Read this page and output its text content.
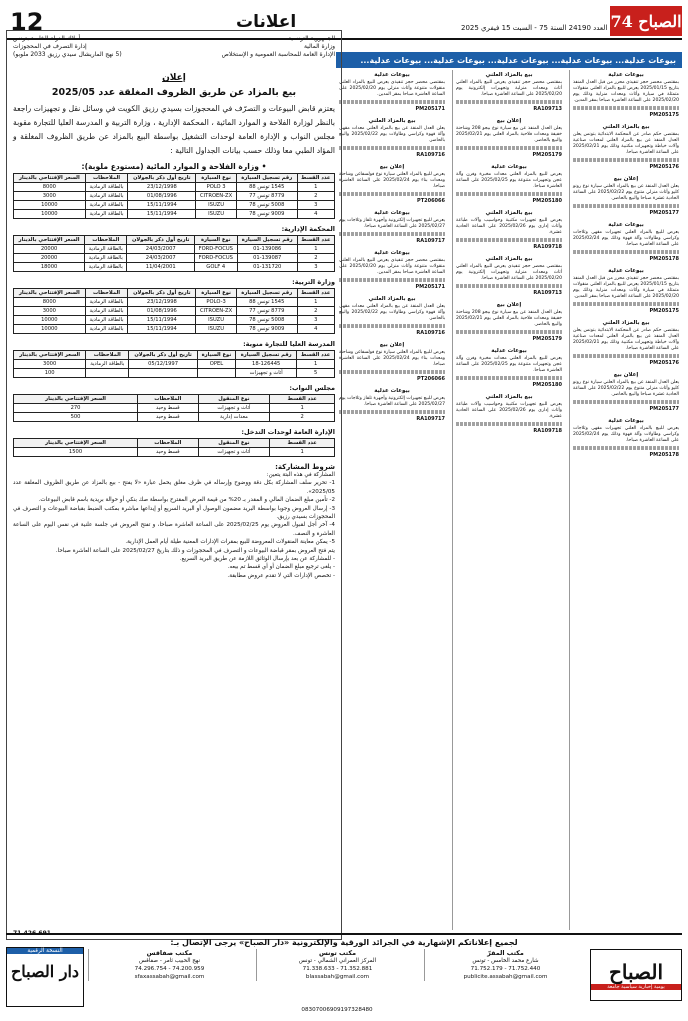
12	اعلانات	العدد 24190 السنة 75 - السبت 15 فيفري 2025 الصباح 74
بيوعات عدلية... بيوعات عدلية... بيوعات عدلية... بيوعات عدلية... بيوعات عدلية...
بيوعات عدلية
بمقتضى محضر حجز تنفيذي محرر من قبل العدل المنفذ بتاريخ 2025/01/15 يعرض للبيع بالمزاد العلني منقولات متمثلة في سيارة وأثاث ومعدات منزلية وذلك يوم 2025/02/20 على الساعة العاشرة صباحا بمقر المدين.
PM205175
بيع بالمزاد العلني
بمقتضى حكم صادر عن المحكمة الابتدائية بتونس يعلن العدل المنفذ عن بيع بالمزاد العلني لمعدات صناعية وآلات خياطة وتجهيزات مكتبية وذلك يوم 2025/02/21 على الساعة العاشرة صباحا.
PM205176
إعلان بيع
يعلن العدل المنفذ عن بيع بالمزاد العلني سيارة نوع رونو كليو وأثاث منزلي متنوع يوم 2025/02/22 على الساعة الحادية عشرة صباحا والبيع بالحاضر.
PM205177
بيوعات عدلية
يعرض للبيع بالمزاد العلني تجهيزات مقهى وثلاجات وكراسي وطاولات وآلة قهوة وذلك يوم 2025/02/24 على الساعة العاشرة صباحا.
PM205178
بيوعات عدلية
بمقتضى محضر حجز تنفيذي محرر من قبل العدل المنفذ بتاريخ 2025/01/15 يعرض للبيع بالمزاد العلني منقولات متمثلة في سيارة وأثاث ومعدات منزلية وذلك يوم 2025/02/20 على الساعة العاشرة صباحا بمقر المدين.
PM205175
بيع بالمزاد العلني
بمقتضى حكم صادر عن المحكمة الابتدائية بتونس يعلن العدل المنفذ عن بيع بالمزاد العلني لمعدات صناعية وآلات خياطة وتجهيزات مكتبية وذلك يوم 2025/02/21 على الساعة العاشرة صباحا.
PM205176
إعلان بيع
يعلن العدل المنفذ عن بيع بالمزاد العلني سيارة نوع رونو كليو وأثاث منزلي متنوع يوم 2025/02/22 على الساعة الحادية عشرة صباحا والبيع بالحاضر.
PM205177
بيوعات عدلية
يعرض للبيع بالمزاد العلني تجهيزات مقهى وثلاجات وكراسي وطاولات وآلة قهوة وذلك يوم 2025/02/24 على الساعة العاشرة صباحا.
PM205178
بيع بالمزاد العلني
بمقتضى محضر حجز تنفيذي يعرض للبيع بالمزاد العلني أثاث ومعدات منزلية وتجهيزات إلكترونية يوم 2025/02/20 على الساعة العاشرة صباحا.
RA109713
إعلان بيع
يعلن العدل المنفذ عن بيع سيارة نوع بيجو 208 وشاحنة خفيفة ومعدات فلاحية بالمزاد العلني يوم 2025/02/21 والبيع بالحاضر.
PM205179
بيوعات عدلية
يعرض للبيع بالمزاد العلني معدات مخبزة وفرن وآلة عجن وتجهيزات متنوعة يوم 2025/02/25 على الساعة العاشرة صباحا.
PM205180
بيع بالمزاد العلني
يعرض للبيع تجهيزات مكتبية وحواسيب وآلات طباعة وأثاث إداري يوم 2025/02/26 على الساعة الحادية عشرة.
RA109718
بيع بالمزاد العلني
بمقتضى محضر حجز تنفيذي يعرض للبيع بالمزاد العلني أثاث ومعدات منزلية وتجهيزات إلكترونية يوم 2025/02/20 على الساعة العاشرة صباحا.
RA109713
إعلان بيع
يعلن العدل المنفذ عن بيع سيارة نوع بيجو 208 وشاحنة خفيفة ومعدات فلاحية بالمزاد العلني يوم 2025/02/21 والبيع بالحاضر.
PM205179
بيوعات عدلية
يعرض للبيع بالمزاد العلني معدات مخبزة وفرن وآلة عجن وتجهيزات متنوعة يوم 2025/02/25 على الساعة العاشرة صباحا.
PM205180
بيع بالمزاد العلني
يعرض للبيع تجهيزات مكتبية وحواسيب وآلات طباعة وأثاث إداري يوم 2025/02/26 على الساعة الحادية عشرة.
RA109718
بيوعات عدلية
بمقتضى محضر حجز تنفيذي يعرض للبيع بالمزاد العلني منقولات متنوعة وأثاث منزلي يوم 2025/02/20 على الساعة العاشرة صباحا بمقر المدين.
PM205171
بيع بالمزاد العلني
يعلن العدل المنفذ عن بيع بالمزاد العلني معدات مقهى وآلة قهوة وكراسي وطاولات يوم 2025/02/22 والبيع بالحاضر.
RA109716
إعلان بيع
يعرض للبيع بالمزاد العلني سيارة نوع فولسفاغن وشاحنة ومعدات بناء يوم 2025/02/24 على الساعة العاشرة صباحا.
PT206066
بيوعات عدلية
يعرض للبيع تجهيزات إلكترونية وأجهزة تلفاز وثلاجات يوم 2025/02/27 على الساعة العاشرة صباحا.
RA109717
بيوعات عدلية
بمقتضى محضر حجز تنفيذي يعرض للبيع بالمزاد العلني منقولات متنوعة وأثاث منزلي يوم 2025/02/20 على الساعة العاشرة صباحا بمقر المدين.
PM205171
بيع بالمزاد العلني
يعلن العدل المنفذ عن بيع بالمزاد العلني معدات مقهى وآلة قهوة وكراسي وطاولات يوم 2025/02/22 والبيع بالحاضر.
RA109716
إعلان بيع
يعرض للبيع بالمزاد العلني سيارة نوع فولسفاغن وشاحنة ومعدات بناء يوم 2025/02/24 على الساعة العاشرة صباحا.
PT206066
بيوعات عدلية
يعرض للبيع تجهيزات إلكترونية وأجهزة تلفاز وثلاجات يوم 2025/02/27 على الساعة العاشرة صباحا.
RA109717
الجمهورية التونسية
وزارة المالية
الإدارة العامة للمحاسبة العمومية و الإستخلاص
أملاك الدولة الخاصة بتونس
إدارة التصرف في المحجوزات
(5 نهج الماريشال سيدي رزيق 2033 ملوبو)
إعلان
بيع بالمزاد عن طريق الظروف المغلقة عدد 2025/05
يعتزم قابض البيوعات و التصرّف في المحجوزات بسيدي رزيق الكويت في وسائل نقل و تجهيزات راجعة بالنظر لوزارة الفلاحة و الموارد المائية ، المحكمة الإدارية ، وزارة التربية و المدرسة العليا للتجارة مقوبة مجلس النواب و الإدارة العامة لوحدات التشغيل بواسطة البيع بالمزاد عن طريق الظروف المغلقة و المؤاد الطبي معا وذلك حسب بيانات الجداول التالية :
• وزارة الفلاحة و الموارد المائية (مستودع ملوبة):
عدد القسط	رقم تسجيل السيارة	نوع السيارة	تاريخ أول ذكر بالجولان	الملاحظات	السعر الإفتتاحي بالدينار
1	1545 تونس 88	POLO 3	23/12/1998	بالطاقة الرمادية	8000
2	8779 تونس 77	CITROEN-ZX	01/08/1996	بالطاقة الرمادية	3000
3	5008 تونس 78	ISUZU	15/11/1994	بالطاقة الرمادية	10000
4	9009 تونس 78	ISUZU	15/11/1994	بالطاقة الرمادية	10000
المحكمة الإدارية:
عدد القسط	رقم تسجيل السيارة	نوع السيارة	تاريخ أول ذكر بالجولان	الملاحظات	السعر الإفتتاحي بالدينار
1	01-139086	FORD-FOCUS	24/03/2007	بالطاقة الرمادية	20000
2	01-139087	FORD-FOCUS	24/03/2007	بالطاقة الرمادية	20000
3	01-131720	GOLF 4	11/04/2001	بالطاقة الرمادية	18000
وزارة التربية:
عدد القسط	رقم تسجيل السيارة	نوع السيارة	تاريخ أول ذكر بالجولان	الملاحظات	السعر الإفتتاحي بالدينار
1	1545 تونس 88	POLO-3	23/12/1998	بالطاقة الرمادية	8000
2	8779 تونس 77	CITROEN-ZX	01/08/1996	بالطاقة الرمادية	3000
3	5008 تونس 78	ISUZU	15/11/1994	بالطاقة الرمادية	10000
4	9009 تونس 78	ISUZU	15/11/1994	بالطاقة الرمادية	10000
المدرسة العليا للتجارة منوبة:
عدد القسط	رقم تسجيل السيارة	نوع السيارة	تاريخ أول ذكر بالجولان	الملاحظات	السعر الإفتتاحي بالدينار
1	18-126445	OPEL	05/12/1997	بالطاقة الرمادية	3000
5	أثاث و تجهيزات				100
مجلس النواب:
عدد القسط	نوع المنقول	الملاحظات	السعر الإفتتاحي بالدينار
1	أثاث و تجهيزات	قسط وحيد	270
2	معدات إدارية	قسط وحيد	500
الإدارة العامة لوحدات التدخل:
عدد القسط	نوع المنقول	الملاحظات	السعر الإفتتاحي بالدينار
1	أثاث و تجهيزات	قسط وحيد	1500
شروط المشاركة:
المشاركة في هذه البتة يتعين:
1- تحرير سلف المشاركة بكل دقة ووضوح وإرساله في ظرف مغلق يحمل عبارة «لا يفتح - بيع بالمزاد عن طريق الظروف المغلقة عدد 2025/05».
2- تأمين مبلغ الضمان المالي و المقدر بـ 20% من قيمة العرض المقترح بواسطة صك بنكي أو حوالة بريدية باسم قابض البيوعات.
3- إرسال العروض وجوبا بواسطة البريد مضمون الوصول أو البريد السريع أو إيداعها مباشرة بمكتب الضبط بقباضة البيوعات و التصرف في المحجوزات بسيدي رزيق.
4- آخر أجل لقبول العروض يوم 2025/02/25 على الساعة العاشرة صباحا، و تفتح العروض في جلسة علنية في نفس اليوم على الساعة العاشرة و النصف.
5- يمكن معاينة المنقولات المعروضة للبيع بمقرات الإدارات المعنية طيلة أيام العمل الإدارية.
يتم فتح العروض بمقر قباضة البيوعات و التصرف في المحجوزات و ذلك بتاريخ 2025/02/27 على الساعة العاشرة صباحا.
- للمشاركة عن بعد بإرسال الوثائق اللازمة عن طريق البريد السريع.
- يلغى ترجيع مبلغ الضمان أو أي قسط تم بيعه.
- تخصص الإدارات التي لا تقدم عروض مطابقة.
71.426.691
لجميع إعلاناتكم الإشهارية في الجرائد الورقية والإلكترونية «دار الصباح» يرجى الإتصال بـ:
مكتب المقرّ
شارع محمد الخامس - تونس
71.752.179 - 71.752.440
publicite.assabah@gmail.com
مكتب تونس
المركز العمراني الشمالي - تونس
71.338.633 - 71.352.881
blassabah@gmail.com
مكتب صفاقس
نهج الحبيب ثامر - صفاقس
74.296.754 - 74.200.959
sfaxassabah@gmail.com	الصباح
يومية إخبارية سياسية جامعة
النسخة الرقمية
دار الصباح
08307006909197328480
